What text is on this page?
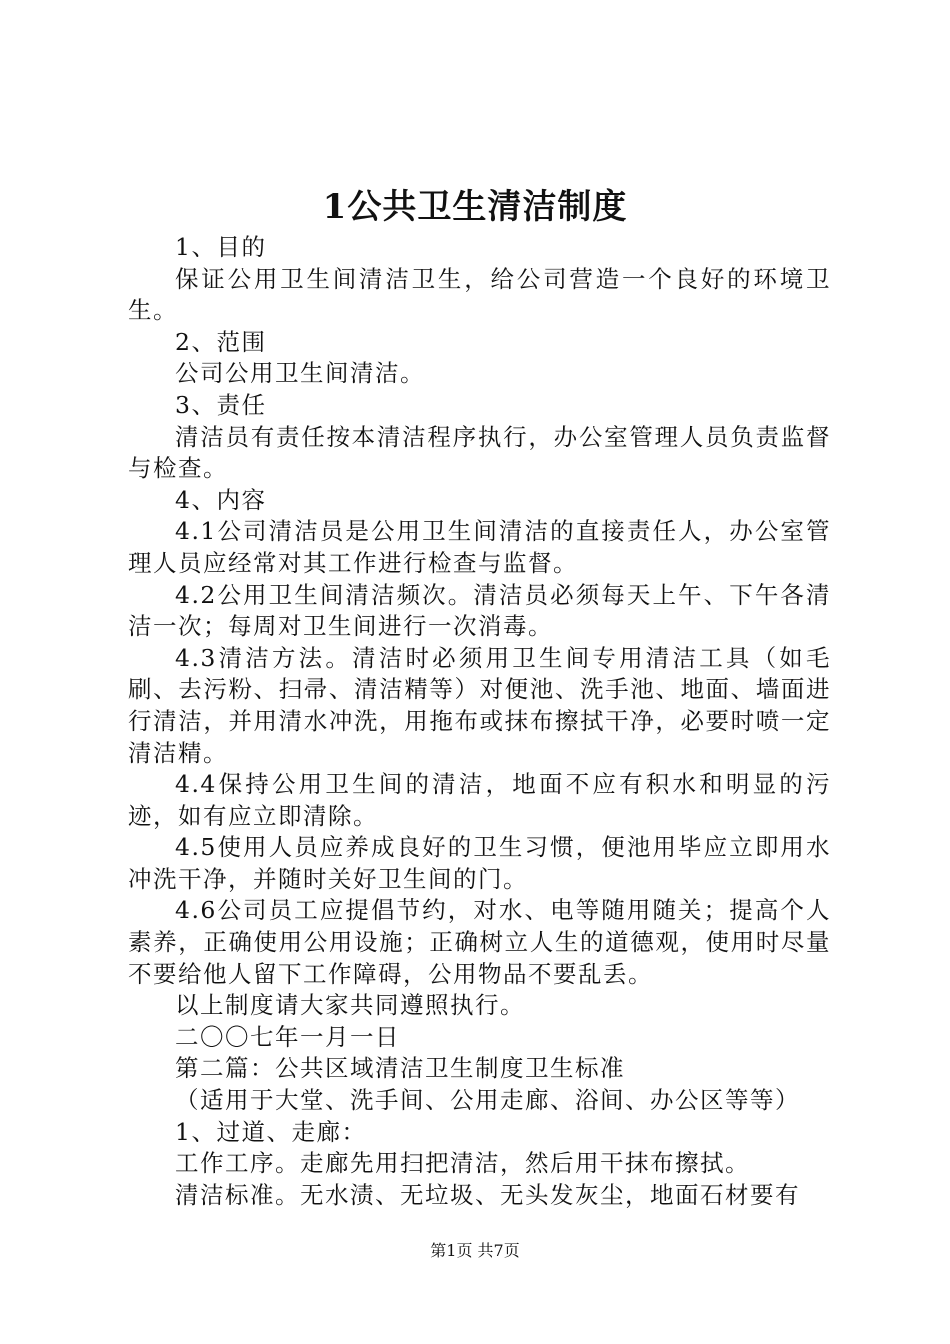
1公共卫生清洁制度

1、目的

保证公用卫生间清洁卫生，给公司营造一个良好的环境卫生。

2、范围

公司公用卫生间清洁。

3、责任

清洁员有责任按本清洁程序执行，办公室管理人员负责监督与检查。

4、内容

4.1公司清洁员是公用卫生间清洁的直接责任人，办公室管理人员应经常对其工作进行检查与监督。

4.2公用卫生间清洁频次。清洁员必须每天上午、下午各清洁一次；每周对卫生间进行一次消毒。

4.3清洁方法。清洁时必须用卫生间专用清洁工具（如毛刷、去污粉、扫帚、清洁精等）对便池、洗手池、地面、墙面进行清洁，并用清水冲洗，用拖布或抹布擦拭干净，必要时喷一定清洁精。

4.4保持公用卫生间的清洁，地面不应有积水和明显的污迹，如有应立即清除。

4.5使用人员应养成良好的卫生习惯，便池用毕应立即用水冲洗干净，并随时关好卫生间的门。

4.6公司员工应提倡节约，对水、电等随用随关；提高个人素养，正确使用公用设施；正确树立人生的道德观，使用时尽量不要给他人留下工作障碍，公用物品不要乱丢。

以上制度请大家共同遵照执行。

二〇〇七年一月一日

第二篇：公共区域清洁卫生制度卫生标准

（适用于大堂、洗手间、公用走廊、浴间、办公区等等）

1、过道、走廊：

工作工序。走廊先用扫把清洁，然后用干抹布擦拭。

清洁标准。无水渍、无垃圾、无头发灰尘，地面石材要有

第1页 共7页
